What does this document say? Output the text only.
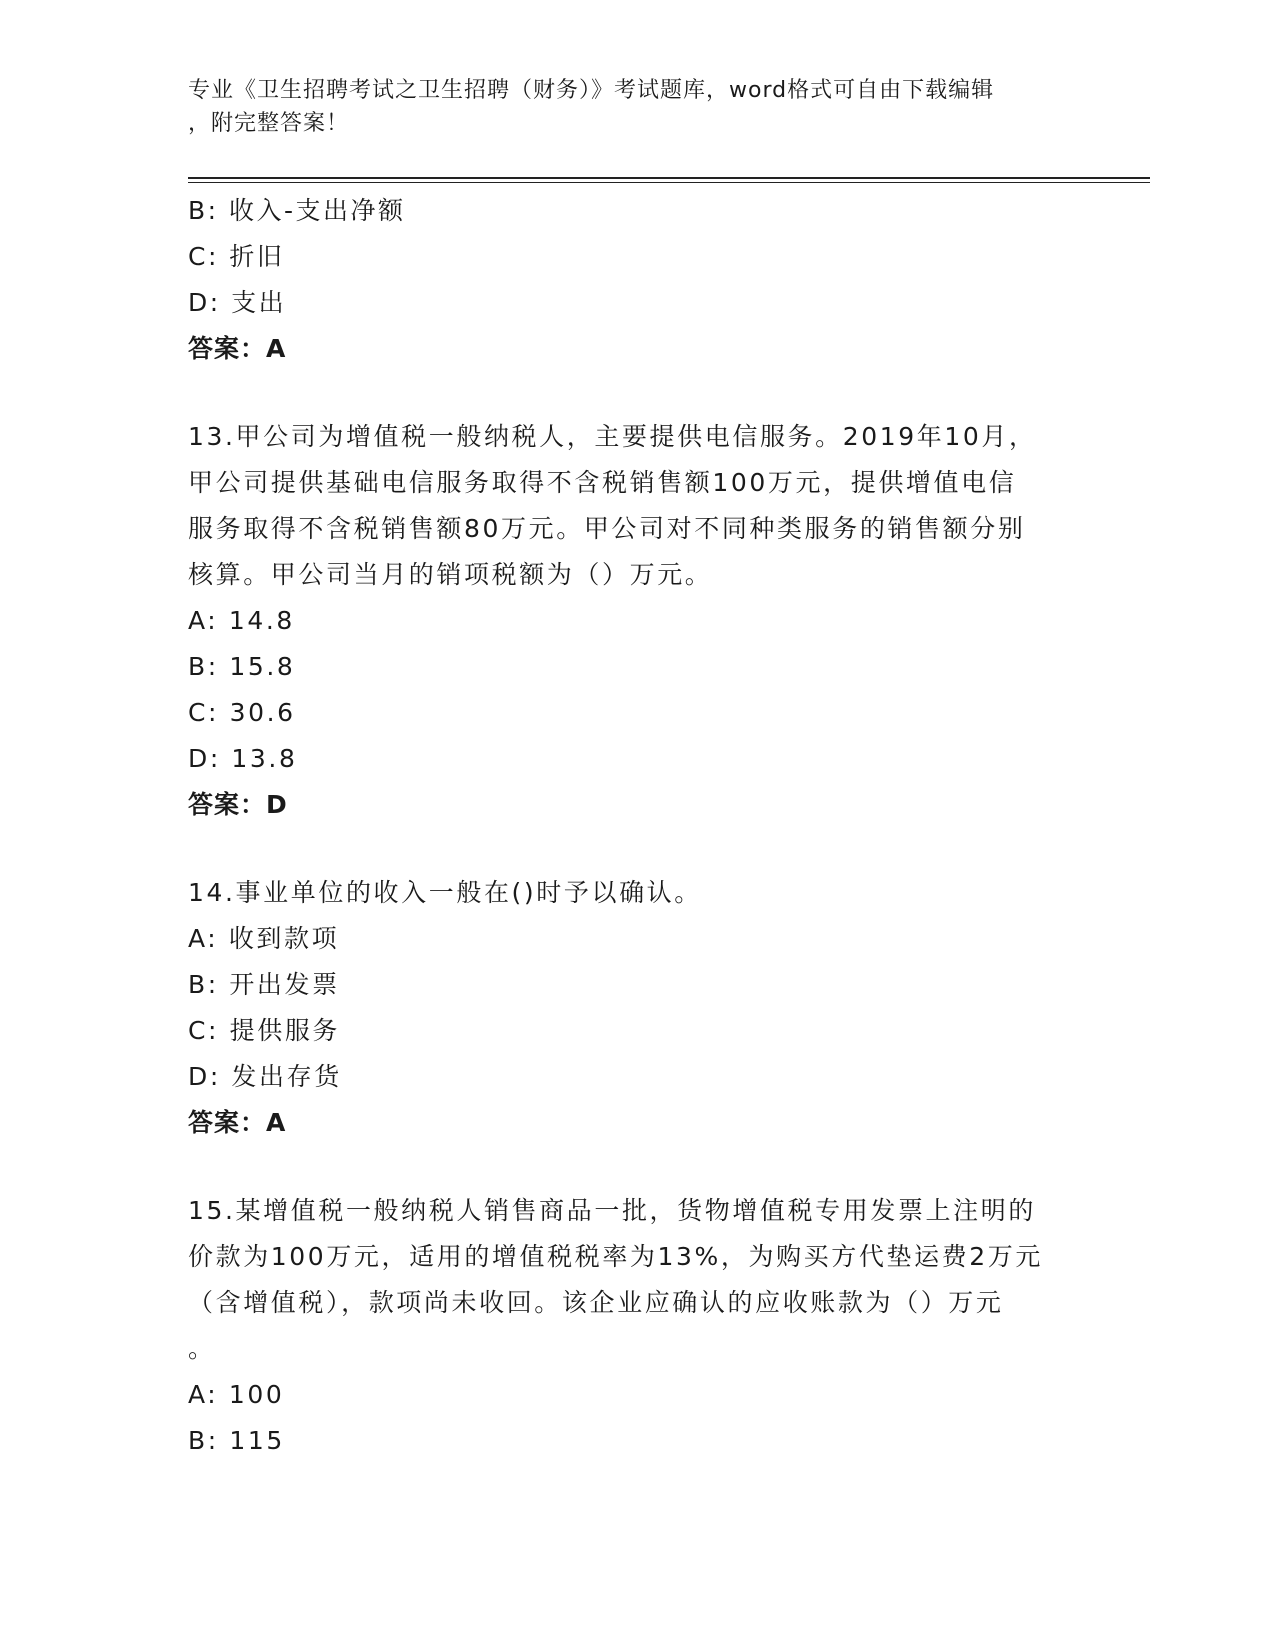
专业《卫生招聘考试之卫生招聘（财务）》考试题库，word格式可自由下载编辑
，附完整答案！
B: 收入-支出净额
C: 折旧
D: 支出
答案：A
13.甲公司为增值税一般纳税人，主要提供电信服务。2019年10月，
甲公司提供基础电信服务取得不含税销售额100万元，提供增值电信
服务取得不含税销售额80万元。甲公司对不同种类服务的销售额分别
核算。甲公司当月的销项税额为（）万元。
A: 14.8
B: 15.8
C: 30.6
D: 13.8
答案：D
14.事业单位的收入一般在()时予以确认。
A: 收到款项
B: 开出发票
C: 提供服务
D: 发出存货
答案：A
15.某增值税一般纳税人销售商品一批，货物增值税专用发票上注明的
价款为100万元，适用的增值税税率为13%，为购买方代垫运费2万元
（含增值税），款项尚未收回。该企业应确认的应收账款为（）万元
。
A: 100
B: 115
